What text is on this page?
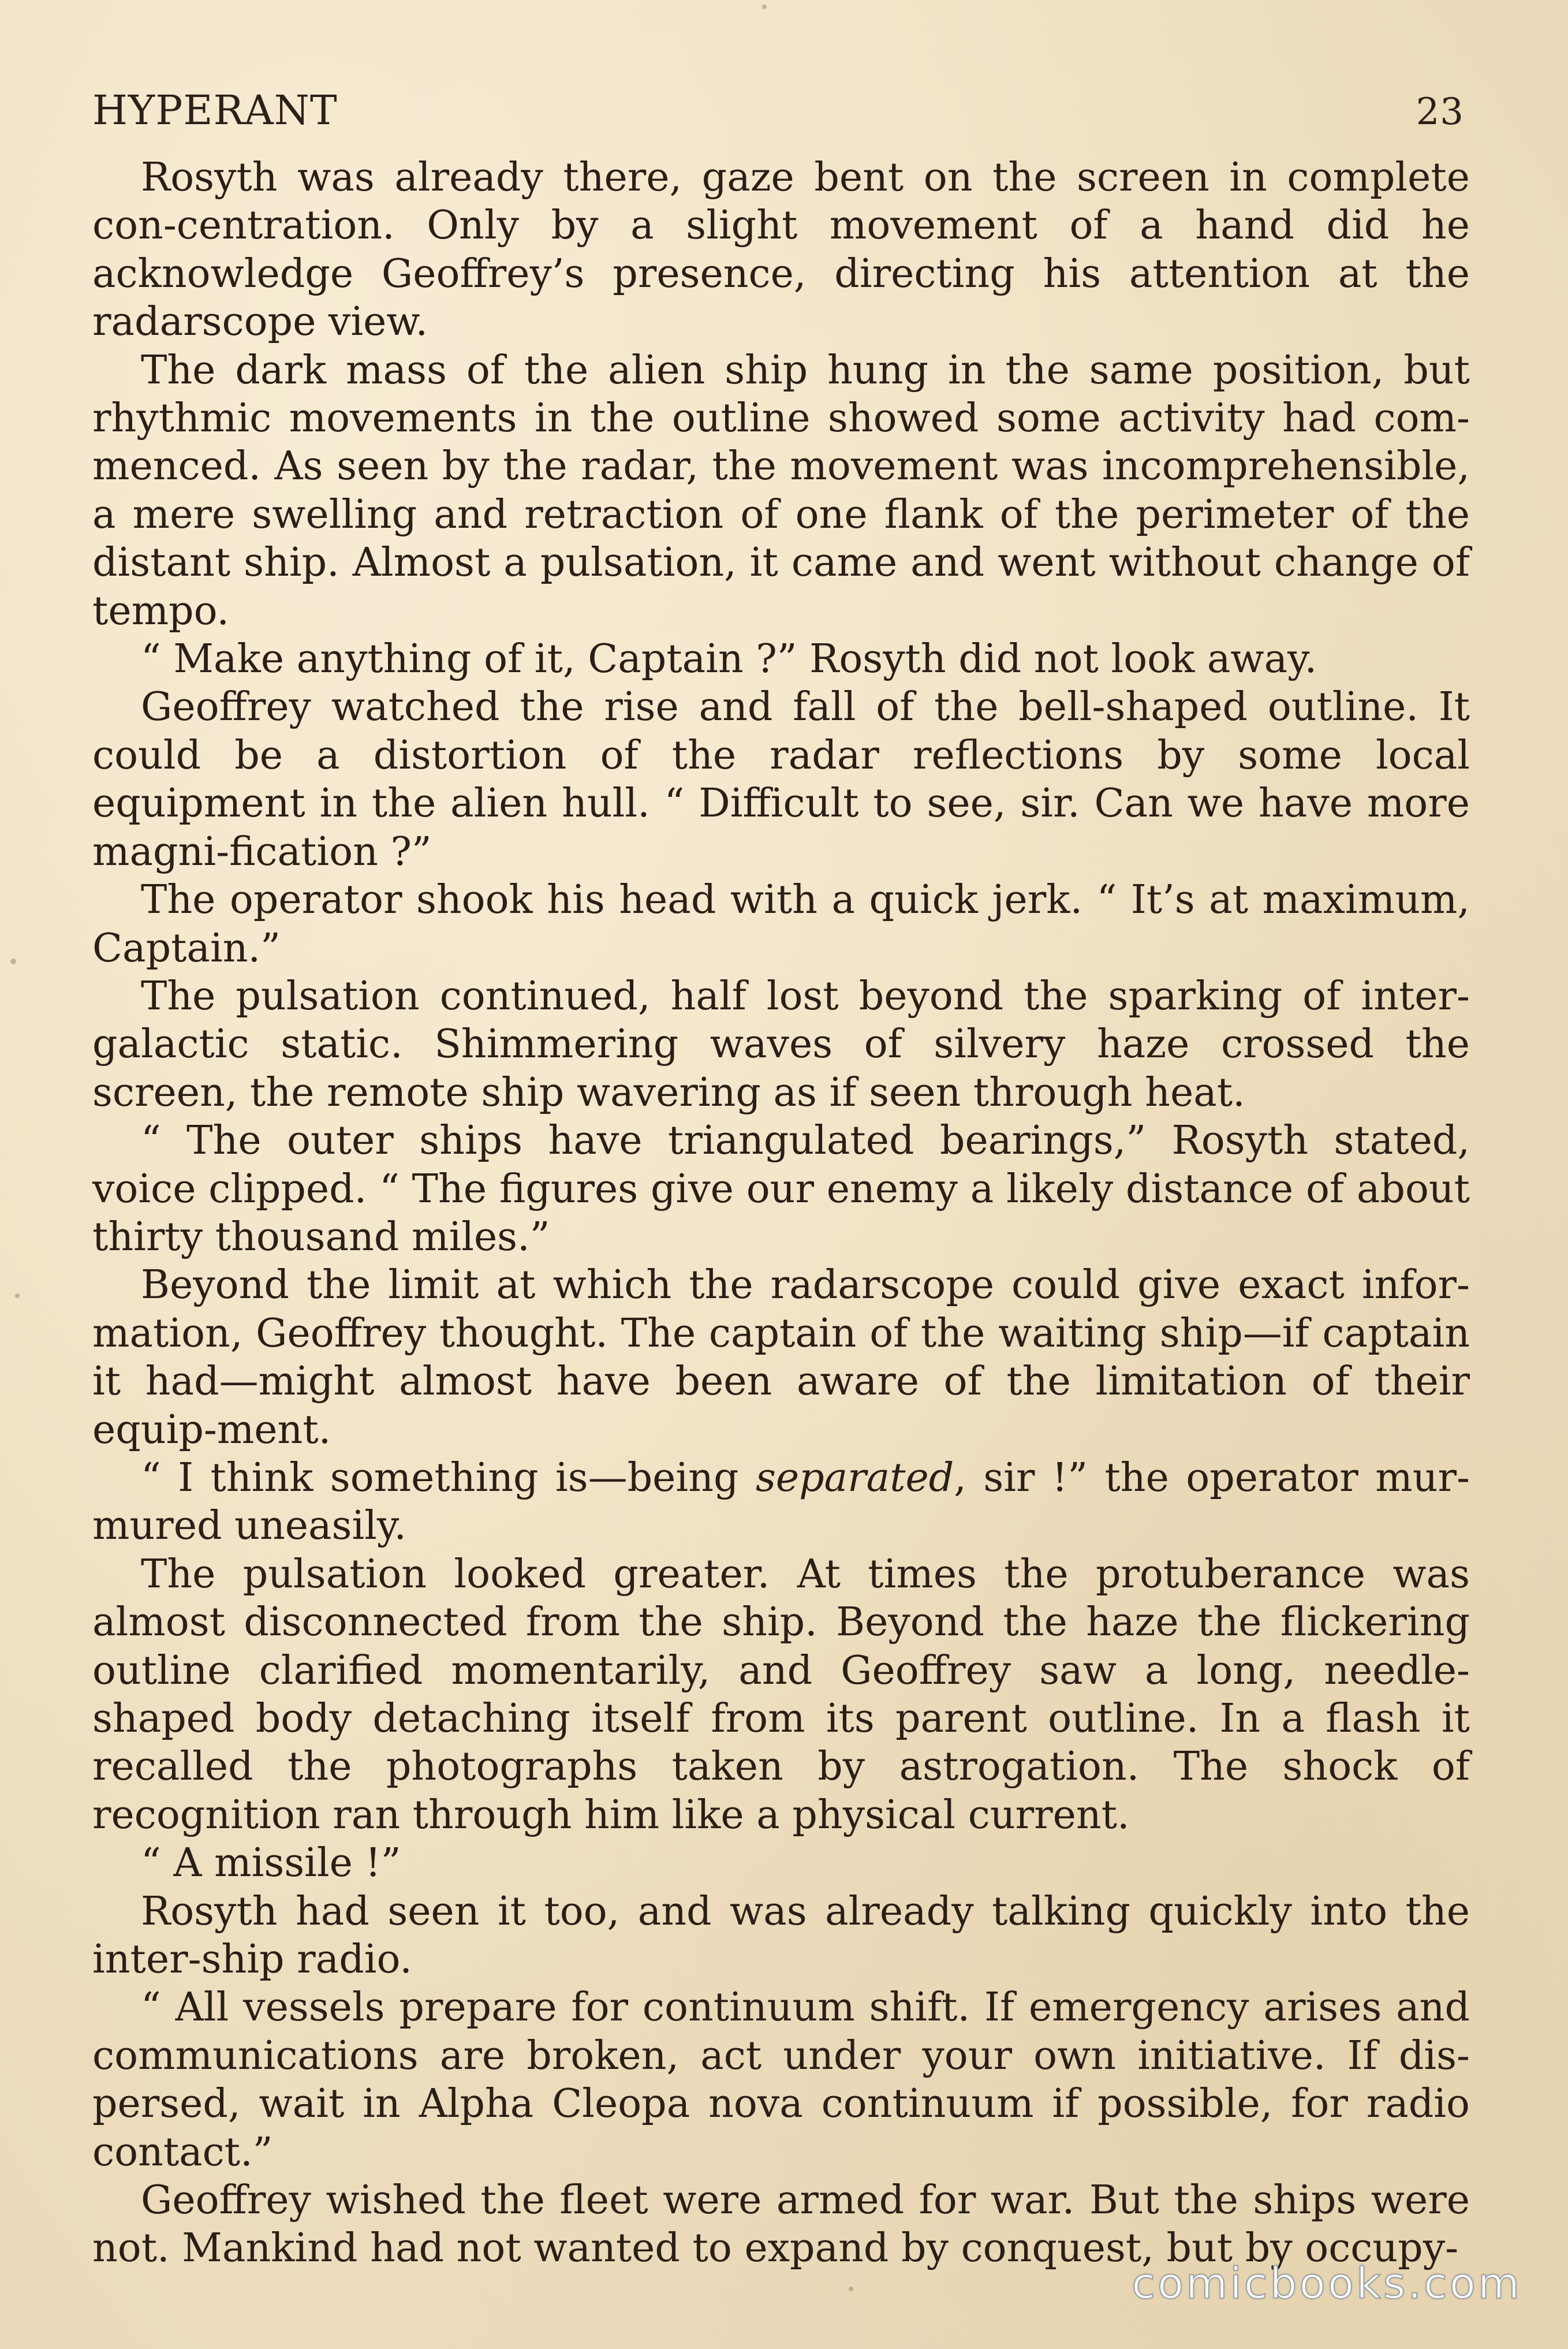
HYPERANT	23

Rosyth was already there, gaze bent on the screen in complete con-centration. Only by a slight movement of a hand did he acknowledge Geoffrey’s presence, directing his attention at the radarscope view.

The dark mass of the alien ship hung in the same position, but rhythmic movements in the outline showed some activity had com-menced. As seen by the radar, the movement was incomprehensible, a mere swelling and retraction of one flank of the perimeter of the distant ship. Almost a pulsation, it came and went without change of tempo.

“ Make anything of it, Captain ?” Rosyth did not look away.

Geoffrey watched the rise and fall of the bell-shaped outline. It could be a distortion of the radar reflections by some local equipment in the alien hull. “ Difficult to see, sir. Can we have more magni-fication ?”

The operator shook his head with a quick jerk. “ It’s at maximum, Captain.”

The pulsation continued, half lost beyond the sparking of inter-galactic static. Shimmering waves of silvery haze crossed the screen, the remote ship wavering as if seen through heat.

“ The outer ships have triangulated bearings,” Rosyth stated, voice clipped. “ The figures give our enemy a likely distance of about thirty thousand miles.”

Beyond the limit at which the radarscope could give exact infor-mation, Geoffrey thought. The captain of the waiting ship—if captain it had—might almost have been aware of the limitation of their equip-ment.

“ I think something is—being separated, sir !” the operator mur-mured uneasily.

The pulsation looked greater. At times the protuberance was almost disconnected from the ship. Beyond the haze the flickering outline clarified momentarily, and Geoffrey saw a long, needle-shaped body detaching itself from its parent outline. In a flash it recalled the photographs taken by astrogation. The shock of recognition ran through him like a physical current.

“ A missile !”

Rosyth had seen it too, and was already talking quickly into the inter-ship radio.

“ All vessels prepare for continuum shift. If emergency arises and communications are broken, act under your own initiative. If dis-persed, wait in Alpha Cleopa nova continuum if possible, for radio contact.”

Geoffrey wished the fleet were armed for war. But the ships were not. Mankind had not wanted to expand by conquest, but by occupy-

comicbooks.com
